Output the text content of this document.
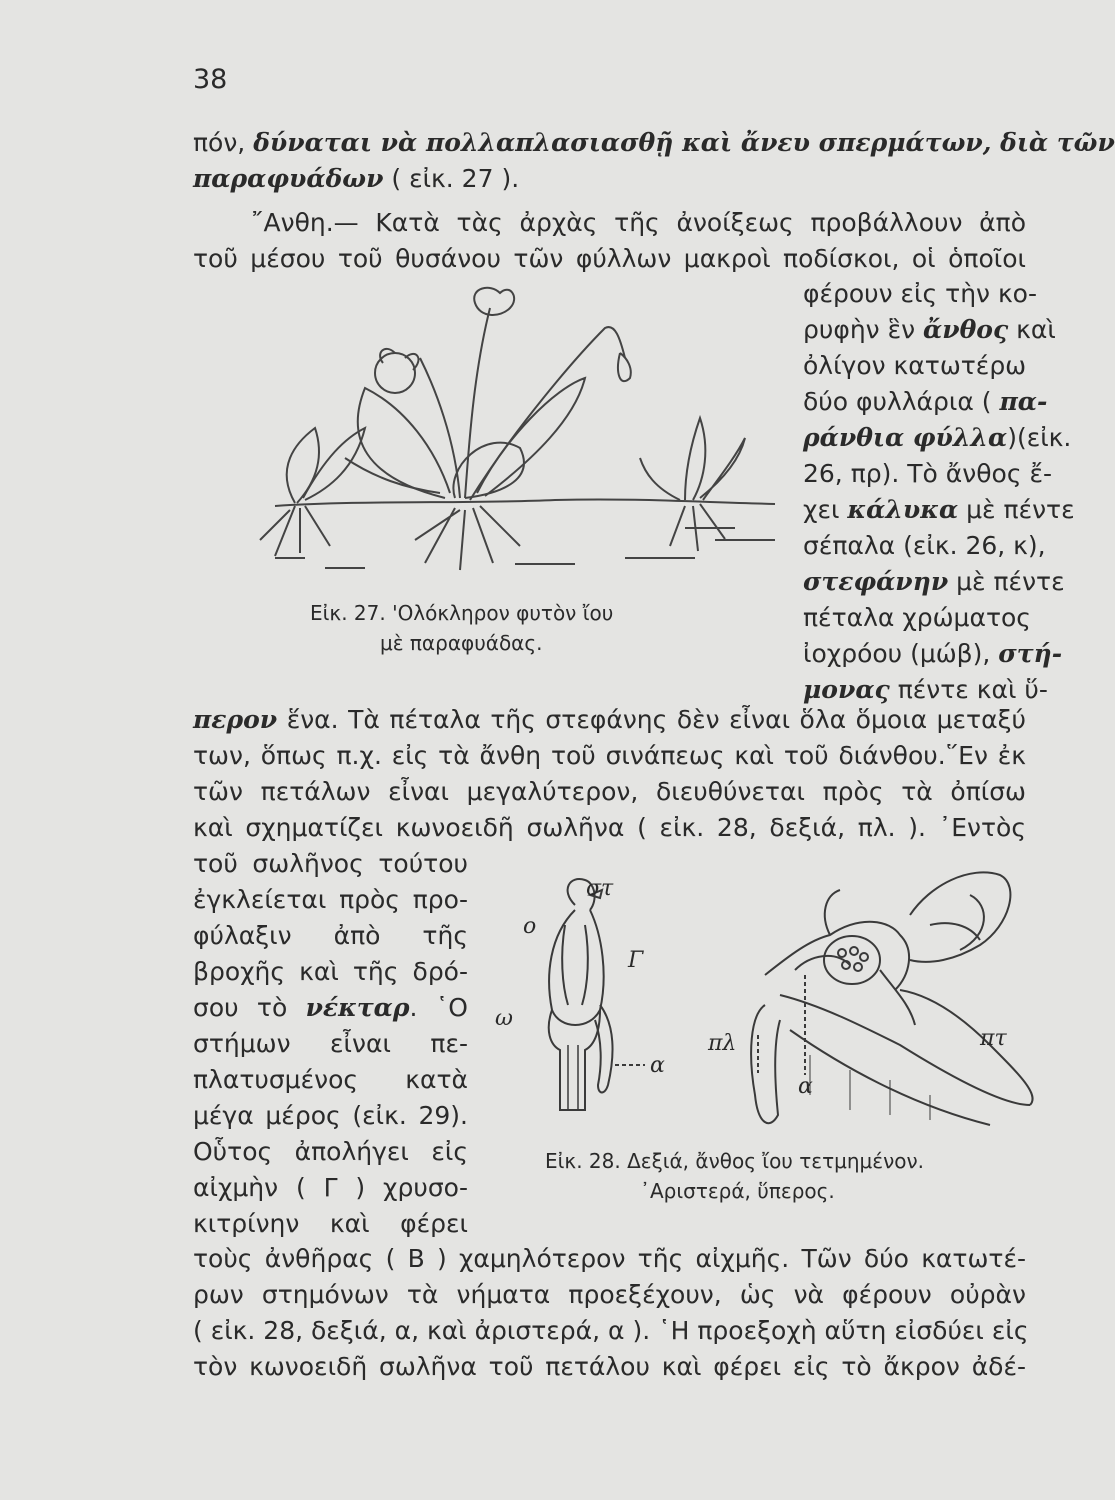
38
πόν, δύναται νὰ πολλαπλασιασθῇ καὶ ἄνευ σπερμάτων, διὰ τῶν
παραφυάδων ( εἰκ. 27 ).
῎Ανθη.— Κατὰ τὰς ἀρχὰς τῆς ἀνοίξεως προβάλλουν ἀπὸ
τοῦ μέσου τοῦ θυσάνου τῶν φύλλων μακροὶ ποδίσκοι, οἱ ὁποῖοι
φέρουν εἰς τὴν κο-
ρυφὴν ἓν ἄνθος καὶ
ὀλίγον κατωτέρω
δύο φυλλάρια ( πα-
ράνθια φύλλα)(εἰκ.
26, πρ). Τὸ ἄνθος ἔ-
χει κάλυκα μὲ πέντε
σέπαλα (εἰκ. 26, κ),
στεφάνην μὲ πέντε
πέταλα χρώματος
ἰοχρόου (μώβ), στή-
μονας πέντε καὶ ὕ-
Εἰκ. 27. 'Ολόκληρον φυτὸν ἴου
μὲ παραφυάδας.
περον ἕνα. Τὰ πέταλα τῆς στεφάνης δὲν εἶναι ὅλα ὅμοια μεταξύ
των, ὅπως π.χ. εἰς τὰ ἄνθη τοῦ σινάπεως καὶ τοῦ διάνθου.῞Εν ἐκ
τῶν πετάλων εἶναι μεγαλύτερον, διευθύνεται πρὸς τὰ ὀπίσω
καὶ σχηματίζει κωνοειδῆ σωλῆνα ( εἰκ. 28, δεξιά, πλ. ). ᾿Εντὸς
τοῦ σωλῆνος τούτου
ἐγκλείεται πρὸς προ-
φύλαξιν ἀπὸ τῆς
βροχῆς καὶ τῆς δρό-
σου τὸ νέκταρ. ῾Ο
στήμων εἶναι πε-
πλατυσμένος κατὰ
μέγα μέρος (εἰκ. 29).
Οὗτος ἀπολήγει εἰς
αἰχμὴν ( Γ ) χρυσο-
κιτρίνην καὶ φέρει
στ
ο
Γ
ω
α
πλ
α
πτ
Εἰκ. 28. Δεξιά, ἄνθος ἴου τετμημένον.
᾿Αριστερά, ὕπερος.
τοὺς ἀνθῆρας ( Β ) χαμηλότερον τῆς αἰχμῆς. Τῶν δύο κατωτέ-
ρων στημόνων τὰ νήματα προεξέχουν, ὡς νὰ φέρουν οὐρὰν
( εἰκ. 28, δεξιά, α, καὶ ἀριστερά, α ). ῾Η προεξοχὴ αὕτη εἰσδύει εἰς
τὸν κωνοειδῆ σωλῆνα τοῦ πετάλου καὶ φέρει εἰς τὸ ἄκρον ἀδέ-
